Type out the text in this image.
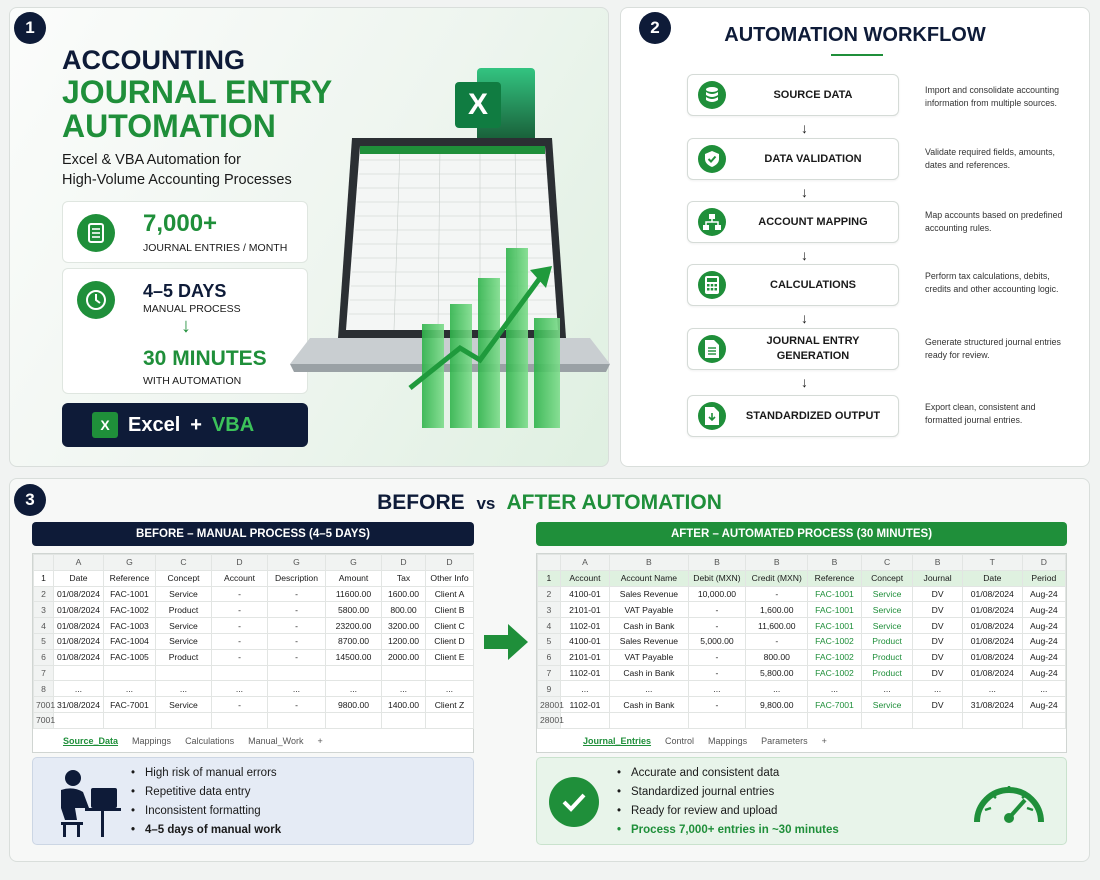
ACCOUNTING
JOURNAL ENTRY
AUTOMATION
Excel & VBA Automation for
High-Volume Accounting Processes
7,000+
JOURNAL ENTRIES / MONTH
4–5 DAYS
MANUAL PROCESS
↓
30 MINUTES
WITH AUTOMATION
X Excel + VBA
X
1	AUTOMATION WORKFLOW
SOURCE DATA
↓
Import and consolidate accounting information from multiple sources.
DATA VALIDATION
↓
Validate required fields, amounts, dates and references.
ACCOUNT MAPPING
↓
Map accounts based on predefined accounting rules.
CALCULATIONS
↓
Perform tax calculations, debits, credits and other accounting logic.
JOURNAL ENTRY GENERATION
↓
Generate structured journal entries ready for review.
STANDARDIZED OUTPUT
Export clean, consistent and formatted journal entries.
2
BEFORE vs AFTER AUTOMATION
BEFORE – MANUAL PROCESS (4–5 DAYS)	AFTER – AUTOMATED PROCESS (30 MINUTES)
	A	G	C	D	G	G	D	D
1	Date	Reference	Concept	Account	Description	Amount	Tax	Other Info
2	01/08/2024	FAC-1001	Service	-	-	11600.00	1600.00	Client A
3	01/08/2024	FAC-1002	Product	-	-	5800.00	800.00	Client B
4	01/08/2024	FAC-1003	Service	-	-	23200.00	3200.00	Client C
5	01/08/2024	FAC-1004	Service	-	-	8700.00	1200.00	Client D
6	01/08/2024	FAC-1005	Product	-	-	14500.00	2000.00	Client E
7								
8	...	...	...	...	...	...	...	...
7001	31/08/2024	FAC-7001	Service	-	-	9800.00	1400.00	Client Z
7001								
Source_Data Mappings Calculations Manual_Work +
	A	B	B	B	B	C	B	T	D
1	Account	Account Name	Debit (MXN)	Credit (MXN)	Reference	Concept	Journal	Date	Period
2	4100-01	Sales Revenue	10,000.00	-	FAC-1001	Service	DV	01/08/2024	Aug-24
3	2101-01	VAT Payable	-	1,600.00	FAC-1001	Service	DV	01/08/2024	Aug-24
4	1102-01	Cash in Bank	-	11,600.00	FAC-1001	Service	DV	01/08/2024	Aug-24
5	4100-01	Sales Revenue	5,000.00	-	FAC-1002	Product	DV	01/08/2024	Aug-24
6	2101-01	VAT Payable	-	800.00	FAC-1002	Product	DV	01/08/2024	Aug-24
7	1102-01	Cash in Bank	-	5,800.00	FAC-1002	Product	DV	01/08/2024	Aug-24
9	...	...	...	...	...	...	...	...	...
28001	1102-01	Cash in Bank	-	9,800.00	FAC-7001	Service	DV	31/08/2024	Aug-24
28001									
Journal_Entries Control Mappings Parameters +
• High risk of manual errors
• Repetitive data entry
• Inconsistent formatting
• 4–5 days of manual work
• Accurate and consistent data
• Standardized journal entries
• Ready for review and upload
• Process 7,000+ entries in ~30 minutes
3
